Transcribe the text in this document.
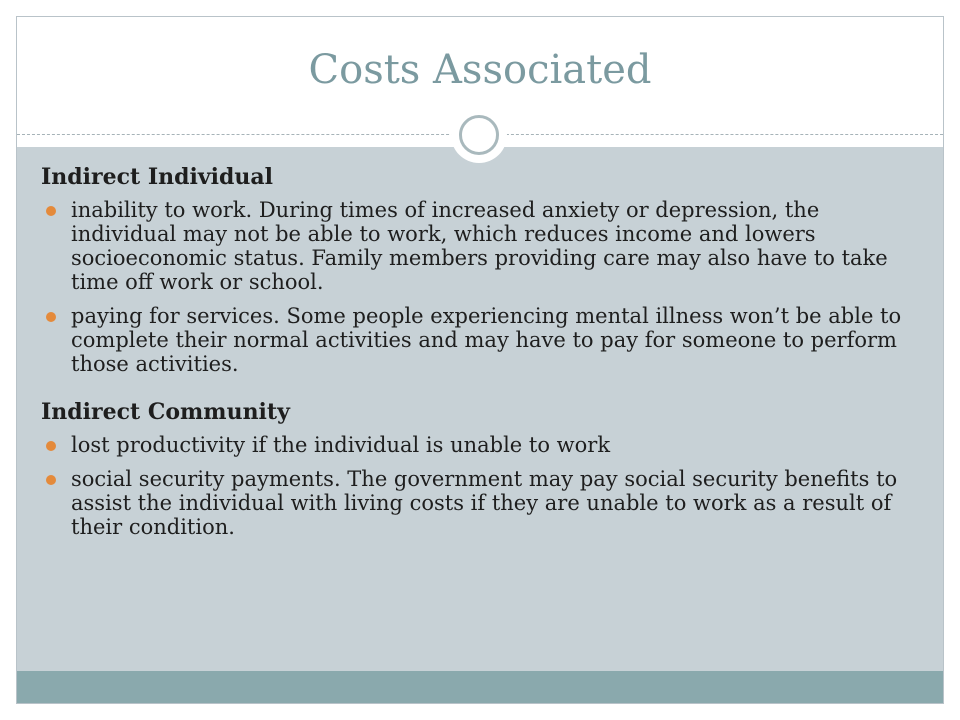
Costs Associated
Indirect Individual
inability to work. During times of increased anxiety or depression, the individual may not be able to work, which reduces income and lowers socioeconomic status. Family members providing care may also have to take time off work or school.
paying for services. Some people experiencing mental illness won’t be able to complete their normal activities and may have to pay for someone to perform those activities.
Indirect Community
lost productivity if the individual is unable to work
social security payments. The government may pay social security benefits to assist the individual with living costs if they are unable to work as a result of their condition.
